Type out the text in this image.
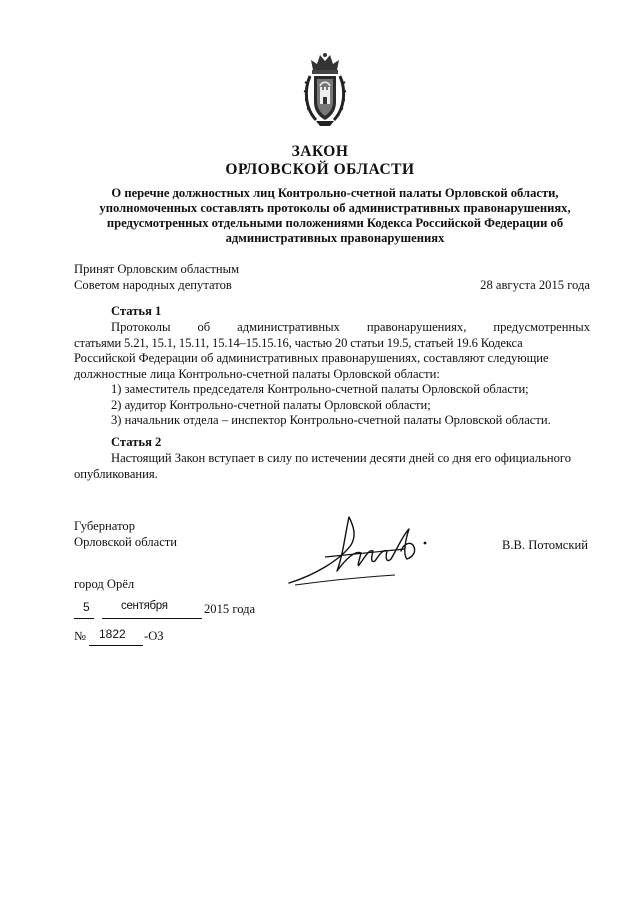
ЗАКОН
ОРЛОВСКОЙ ОБЛАСТИ
О перечне должностных лиц Контрольно-счетной палаты Орловской области,
уполномоченных составлять протоколы об административных правонарушениях,
предусмотренных отдельными положениями Кодекса Российской Федерации об
административных правонарушениях
Принят Орловским областным
Советом народных депутатов	28 августа 2015 года
Статья 1
Протоколы      об      административных      правонарушениях,      предусмотренных
статьями 5.21, 15.1, 15.11, 15.14–15.15.16, частью 20 статьи 19.5, статьей 19.6 Кодекса
Российской Федерации об административных правонарушениях, составляют следующие
должностные лица Контрольно-счетной палаты Орловской области:
1) заместитель председателя Контрольно-счетной палаты Орловской области;
2) аудитор Контрольно-счетной палаты Орловской области;
3) начальник отдела – инспектор Контрольно-счетной палаты Орловской области.
Статья 2
Настоящий Закон вступает в силу по истечении десяти дней со дня его официального
опубликования.
Губернатор
Орловской области	В.В. Потомский
город Орёл
5	сентября	2015 года
№ 1822 -ОЗ
